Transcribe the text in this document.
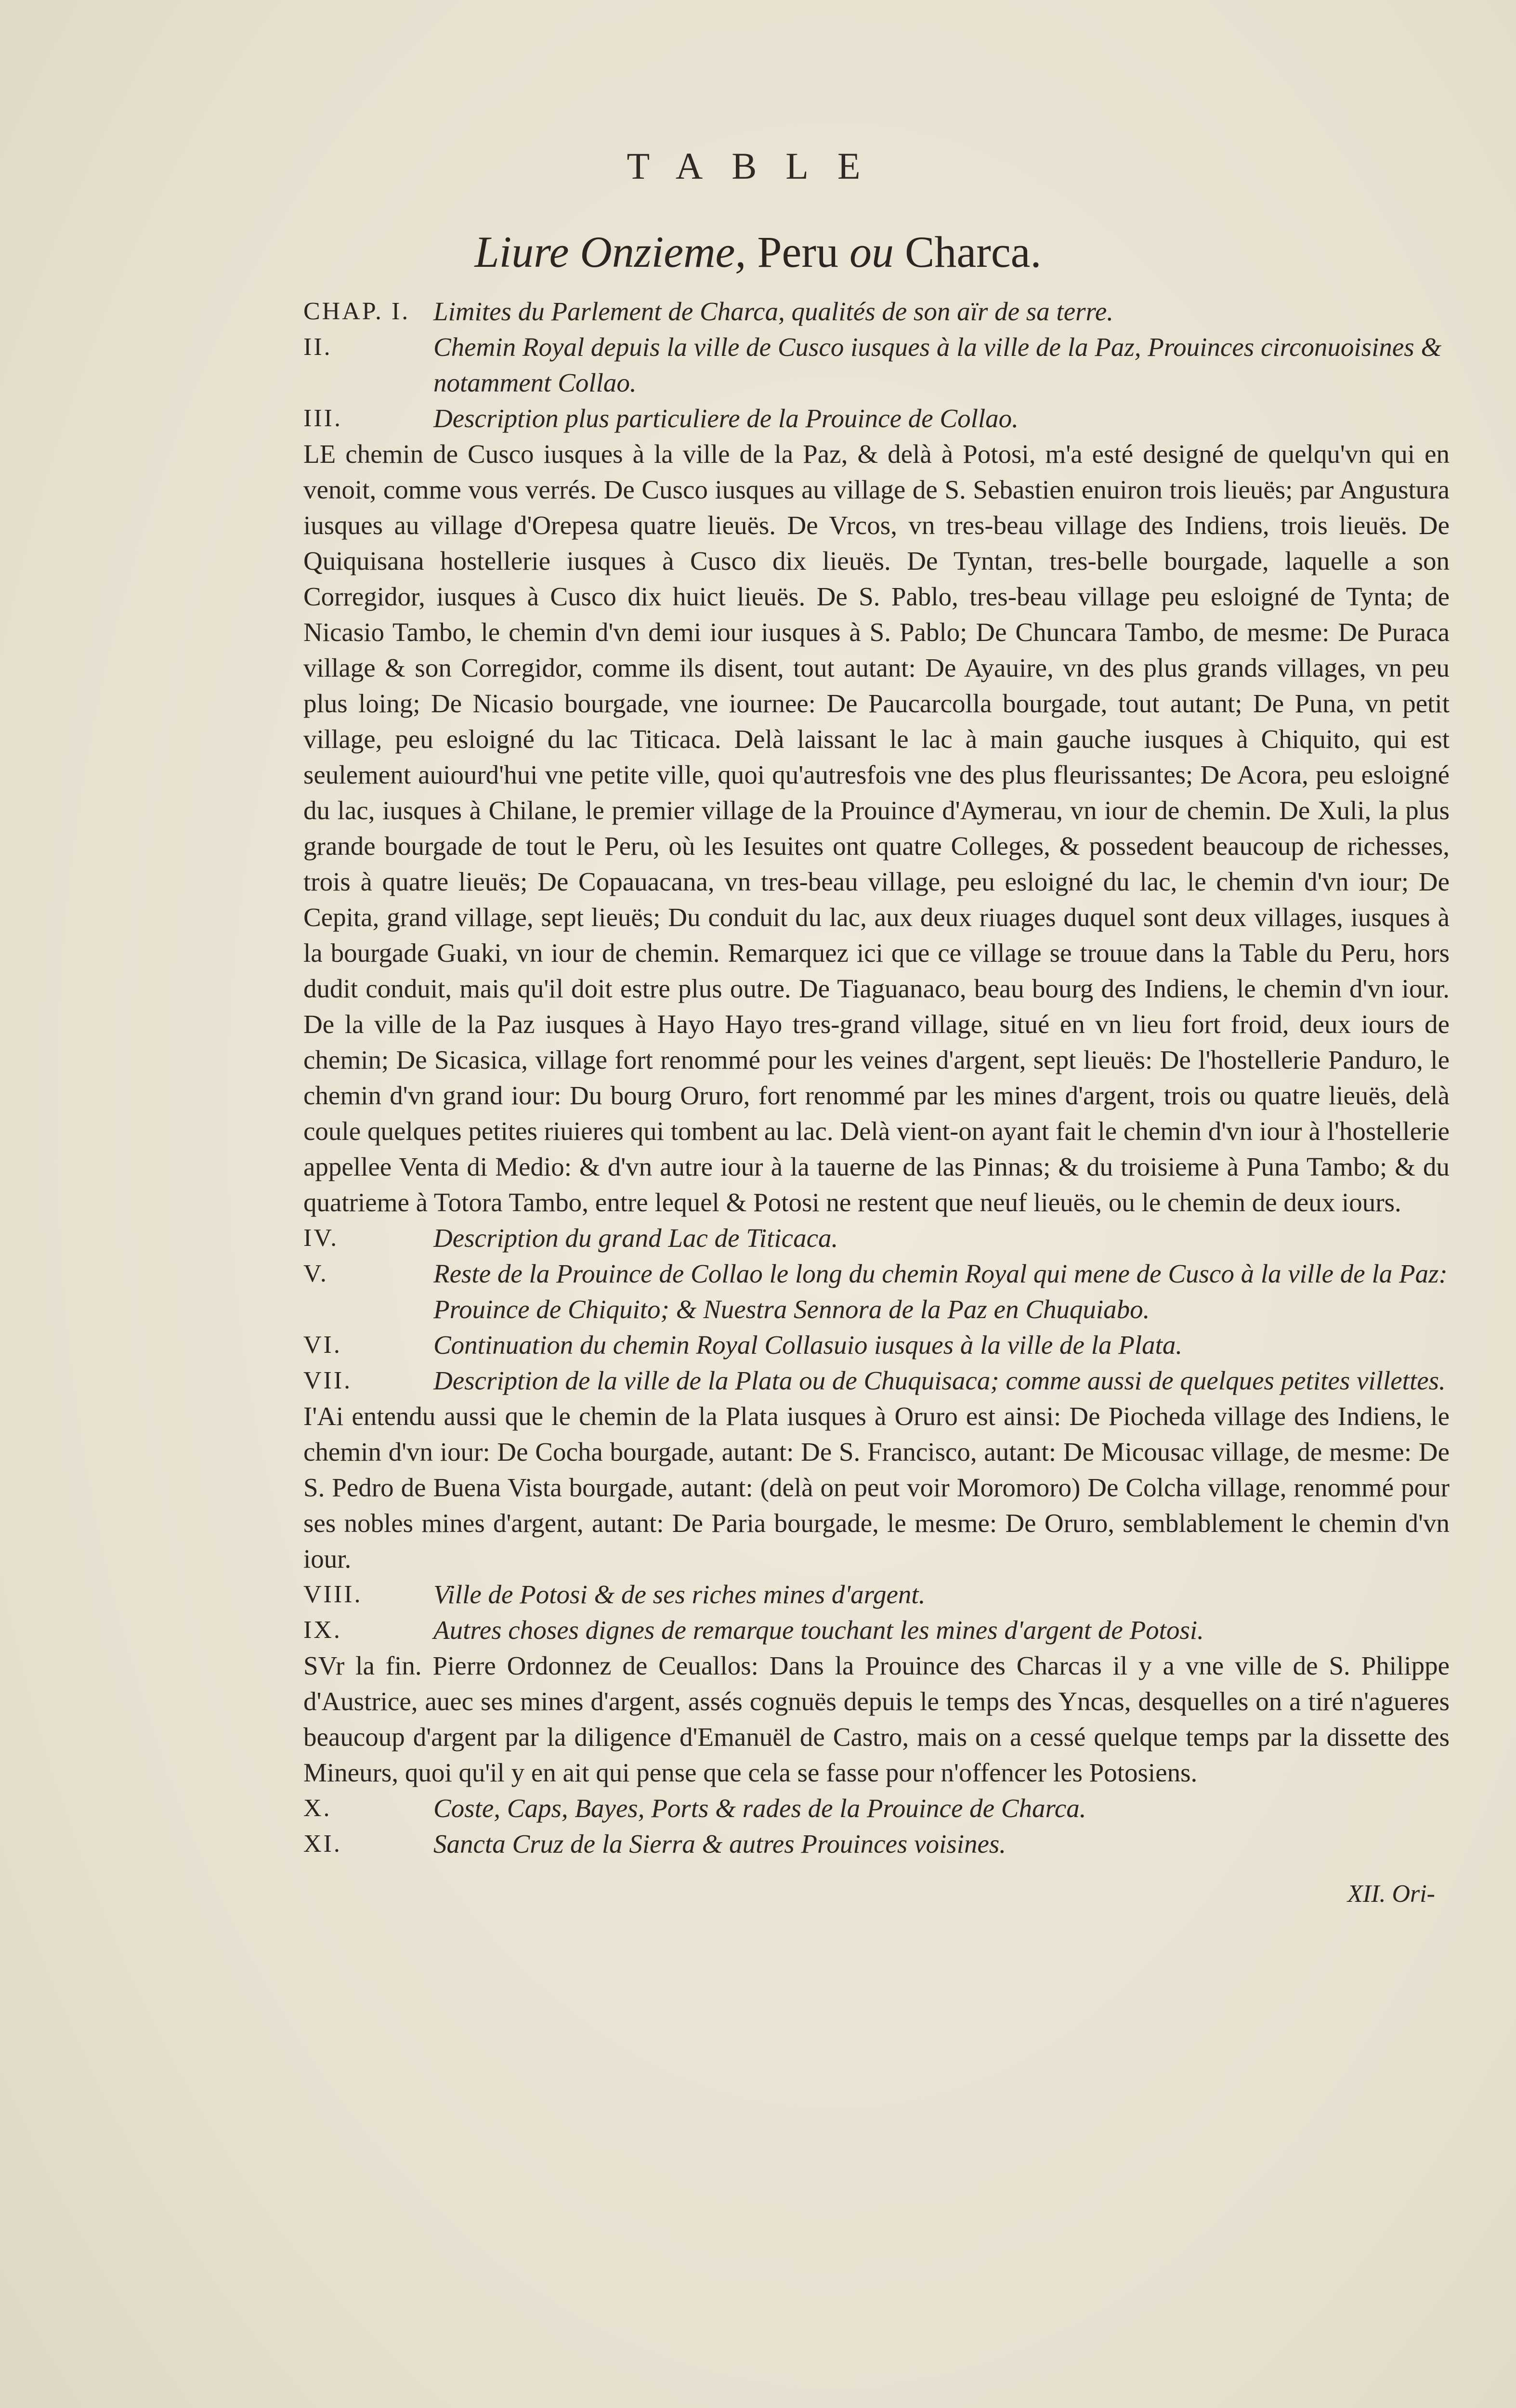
TABLE
Liure Onzieme, Peru ou Charca.
CHAP. I. Limites du Parlement de Charca, qualités de son aïr de sa terre.
II.	Chemin Royal depuis la ville de Cusco iusques à la ville de la Paz, Prouinces circonuoisines & notamment Collao.
III.	Description plus particuliere de la Prouince de Collao.

LE chemin de Cusco iusques à la ville de la Paz, & delà à Potosi, m'a esté designé de quelqu'vn qui en venoit, comme vous verrés. De Cusco iusques au village de S. Sebastien enuiron trois lieuës; par Angustura iusques au village d'Orepesa quatre lieuës. De Vrcos, vn tres-beau village des Indiens, trois lieuës. De Quiquisana hostellerie iusques à Cusco dix lieuës. De Tyntan, tres-belle bourgade, laquelle a son Corregidor, iusques à Cusco dix huict lieuës. De S. Pablo, tres-beau village peu esloigné de Tynta; de Nicasio Tambo, le chemin d'vn demi iour iusques à S. Pablo; De Chuncara Tambo, de mesme: De Puraca village & son Corregidor, comme ils disent, tout autant: De Ayauire, vn des plus grands villages, vn peu plus loing; De Nicasio bourgade, vne iournee: De Paucarcolla bourgade, tout autant; De Puna, vn petit village, peu esloigné du lac Titicaca. Delà laissant le lac à main gauche iusques à Chiquito, qui est seulement auiourd'hui vne petite ville, quoi qu'autresfois vne des plus fleurissantes; De Acora, peu esloigné du lac, iusques à Chilane, le premier village de la Prouince d'Aymerau, vn iour de chemin. De Xuli, la plus grande bourgade de tout le Peru, où les Iesuites ont quatre Colleges, & possedent beaucoup de richesses, trois à quatre lieuës; De Copauacana, vn tres-beau village, peu esloigné du lac, le chemin d'vn iour; De Cepita, grand village, sept lieuës; Du conduit du lac, aux deux riuages duquel sont deux villages, iusques à la bourgade Guaki, vn iour de chemin. Remarquez ici que ce village se trouue dans la Table du Peru, hors dudit conduit, mais qu'il doit estre plus outre. De Tiaguanaco, beau bourg des Indiens, le chemin d'vn iour. De la ville de la Paz iusques à Hayo Hayo tres-grand village, situé en vn lieu fort froid, deux iours de chemin; De Sicasica, village fort renommé pour les veines d'argent, sept lieuës: De l'hostellerie Panduro, le chemin d'vn grand iour: Du bourg Oruro, fort renommé par les mines d'argent, trois ou quatre lieuës, delà coule quelques petites riuieres qui tombent au lac. Delà vient-on ayant fait le chemin d'vn iour à l'hostellerie appellee Venta di Medio: & d'vn autre iour à la tauerne de las Pinnas; & du troisieme à Puna Tambo; & du quatrieme à Totora Tambo, entre lequel & Potosi ne restent que neuf lieuës, ou le chemin de deux iours.

IV.	Description du grand Lac de Titicaca.
V.	Reste de la Prouince de Collao le long du chemin Royal qui mene de Cusco à la ville de la Paz: Prouince de Chiquito; & Nuestra Sennora de la Paz en Chuquiabo.
VI.	Continuation du chemin Royal Collasuio iusques à la ville de la Plata.
VII.	Description de la ville de la Plata ou de Chuquisaca; comme aussi de quelques petites villettes.

I'Ai entendu aussi que le chemin de la Plata iusques à Oruro est ainsi: De Piocheda village des Indiens, le chemin d'vn iour: De Cocha bourgade, autant: De S. Francisco, autant: De Micousac village, de mesme: De S. Pedro de Buena Vista bourgade, autant: (delà on peut voir Moromoro) De Colcha village, renommé pour ses nobles mines d'argent, autant: De Paria bourgade, le mesme: De Oruro, semblablement le chemin d'vn iour.

VIII.	Ville de Potosi & de ses riches mines d'argent.
IX.	Autres choses dignes de remarque touchant les mines d'argent de Potosi.

SVr la fin. Pierre Ordonnez de Ceuallos: Dans la Prouince des Charcas il y a vne ville de S. Philippe d'Austrice, auec ses mines d'argent, assés cognuës depuis le temps des Yncas, desquelles on a tiré n'agueres beaucoup d'argent par la diligence d'Emanuël de Castro, mais on a cessé quelque temps par la dissette des Mineurs, quoi qu'il y en ait qui pense que cela se fasse pour n'offencer les Potosiens.

X.	Coste, Caps, Bayes, Ports & rades de la Prouince de Charca.
XI.	Sancta Cruz de la Sierra & autres Prouinces voisines.
XII. Ori-
